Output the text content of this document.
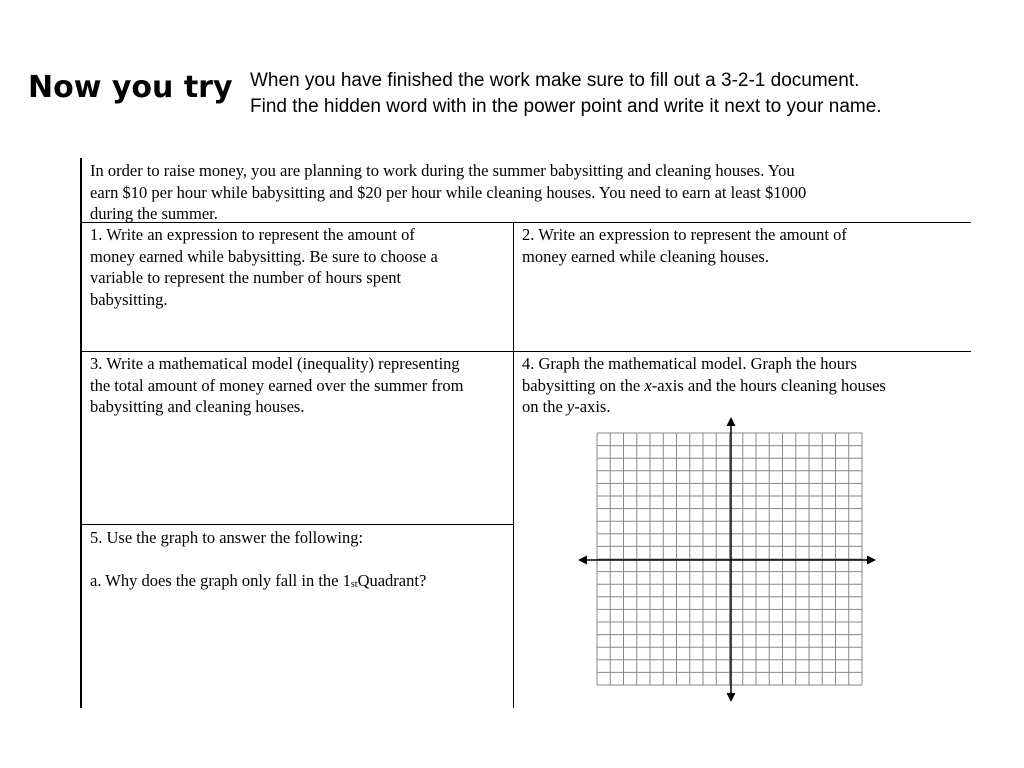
Now you try When you have finished the work make sure to fill out a 3-2-1 document.
Find the hidden word with in the power point and write it next to your name.
In order to raise money, you are planning to work during the summer babysitting and cleaning houses. You
earn $10 per hour while babysitting and $20 per hour while cleaning houses. You need to earn at least $1000
during the summer.
1. Write an expression to represent the amount of
money earned while babysitting. Be sure to choose a
variable to represent the number of hours spent
babysitting.
2. Write an expression to represent the amount of
money earned while cleaning houses.
3. Write a mathematical model (inequality) representing
the total amount of money earned over the summer from
babysitting and cleaning houses.
4. Graph the mathematical model. Graph the hours
babysitting on the x-axis and the hours cleaning houses
on the y-axis.
5. Use the graph to answer the following:
a. Why does the graph only fall in the 1stQuadrant?
